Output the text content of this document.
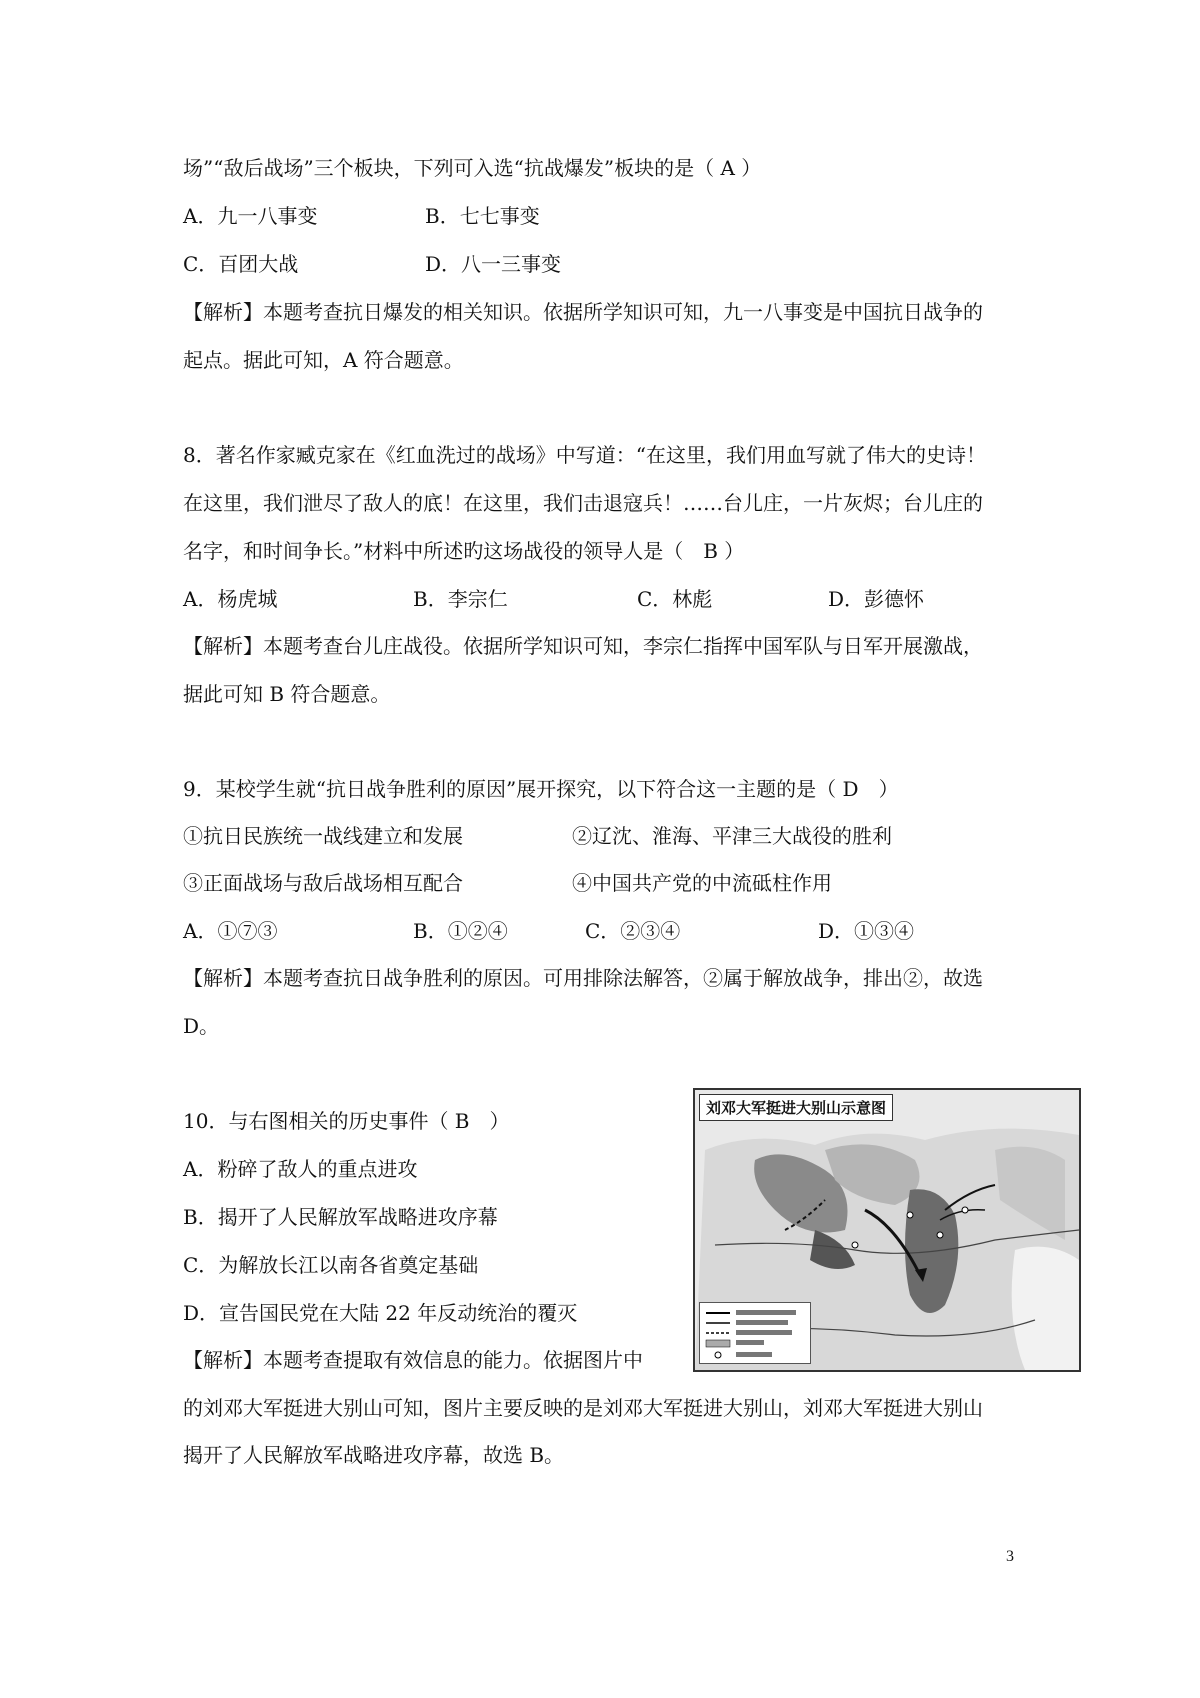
场”“敌后战场”三个板块，下列可入选“抗战爆发”板块的是（ A ）
A．九一八事变	B．七七事变
C．百团大战	D．八一三事变
【解析】本题考查抗日爆发的相关知识。依据所学知识可知，九一八事变是中国抗日战争的
起点。据此可知，A 符合题意。
8．著名作家臧克家在《红血洗过的战场》中写道：“在这里，我们用血写就了伟大的史诗！
在这里，我们泄尽了敌人的底！在这里，我们击退寇兵！……台儿庄，一片灰烬；台儿庄的
名字，和时间争长。”材料中所述旳这场战役的领导人是（　B ）
A．杨虎城	B．李宗仁	C．林彪	D．彭德怀
【解析】本题考查台儿庄战役。依据所学知识可知，李宗仁指挥中国军队与日军开展激战，
据此可知 B 符合题意。
9．某校学生就“抗日战争胜利的原因”展开探究，以下符合这一主题的是（ D　）
①抗日民族统一战线建立和发展	②辽沈、淮海、平津三大战役的胜利
③正面战场与敌后战场相互配合	④中国共产党的中流砥柱作用
A．①⑦③	B．①②④	C．②③④	D．①③④
【解析】本题考查抗日战争胜利的原因。可用排除法解答，②属于解放战争，排出②，故选
D。
10．与右图相关的历史事件（ B　）
A．粉碎了敌人的重点进攻
B．揭开了人民解放军战略进攻序幕
C．为解放长江以南各省奠定基础
D．宣告国民党在大陆 22 年反动统治的覆灭
【解析】本题考查提取有效信息的能力。依据图片中
的刘邓大军挺进大别山可知，图片主要反映的是刘邓大军挺进大别山，刘邓大军挺进大别山
揭开了人民解放军战略进攻序幕，故选 B。
刘邓大军挺进大别山示意图
3
